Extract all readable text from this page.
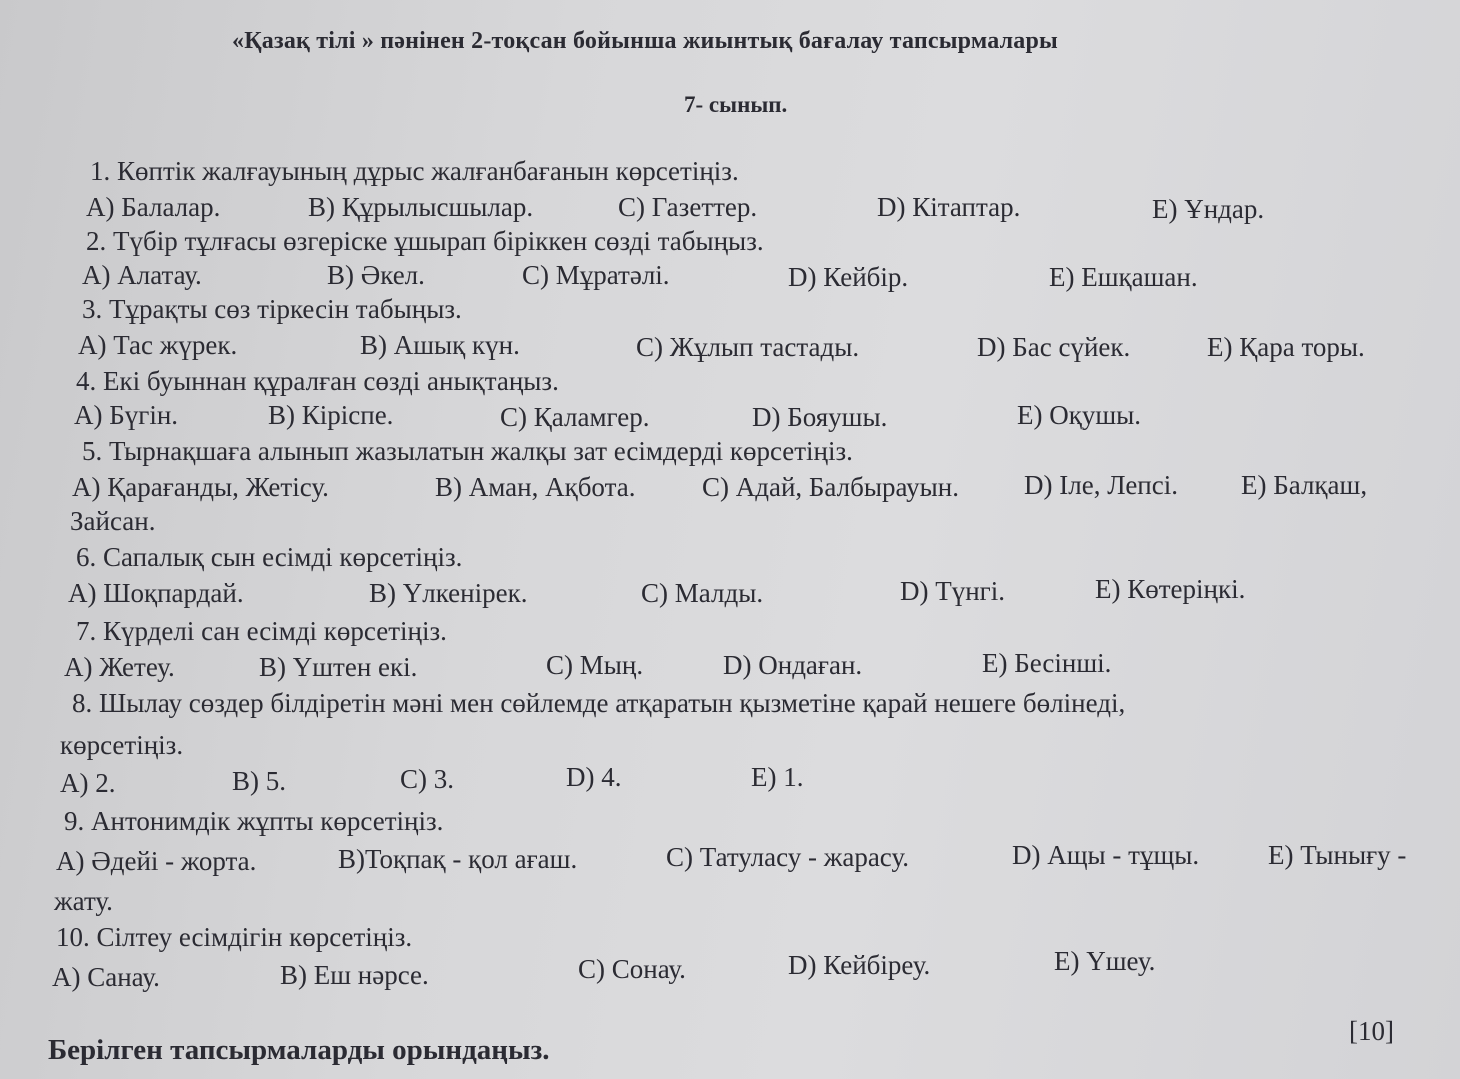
«Қазақ тілі » пәнінен 2-тоқсан бойынша жиынтық бағалау тапсырмалары
7- сынып.
1. Көптік жалғауының дұрыс жалғанбағанын көрсетіңіз.
A) Балалар.	B) Құрылысшылар.	C) Газеттер.	D) Кітаптар.	E) Ұндар.
2. Түбір тұлғасы өзгеріске ұшырап біріккен сөзді табыңыз.
A) Алатау.	B) Әкел.	C) Мұратәлі.	D) Кейбір.	E) Ешқашан.
3. Тұрақты сөз тіркесін табыңыз.
A) Тас жүрек.	B) Ашық күн.	C) Жұлып тастады.	D) Бас сүйек.	E) Қара торы.
4. Екі буыннан құралған сөзді анықтаңыз.
A) Бүгін.	B) Кіріспе.	C) Қаламгер.	D) Бояушы.	E) Оқушы.
5. Тырнақшаға алынып жазылатын жалқы зат есімдерді көрсетіңіз.
A) Қарағанды, Жетісу.	B) Аман, Ақбота. C) Адай, Балбырауын. D) Іле, Лепсі. E) Балқаш,
Зайсан.
6. Сапалық сын есімді көрсетіңіз.
A) Шоқпардай.	B) Үлкенірек.	C) Малды.	D) Түнгі.	E) Көтеріңкі.
7. Күрделі сан есімді көрсетіңіз.
A) Жетеу.	B) Үштен екі.	C) Мың.	D) Ондаған.	E) Бесінші.
8. Шылау сөздер білдіретін мәні мен сөйлемде атқаратын қызметіне қарай нешеге бөлінеді,
көрсетіңіз.
A) 2.	B) 5.	C) 3.	D) 4.	E) 1.
9. Антонимдік жұпты көрсетіңіз.
A) Әдейі - жорта.	B)Тоқпақ - қол ағаш.	C) Татуласу - жарасу.	D) Ащы - тұщы.	E) Тынығу -
жату.
10. Сілтеу есімдігін көрсетіңіз.
A) Санау.	B) Еш нәрсе.	C) Сонау.	D) Кейбіреу.	E) Үшеу.
[10]
Берілген тапсырмаларды орындаңыз.
